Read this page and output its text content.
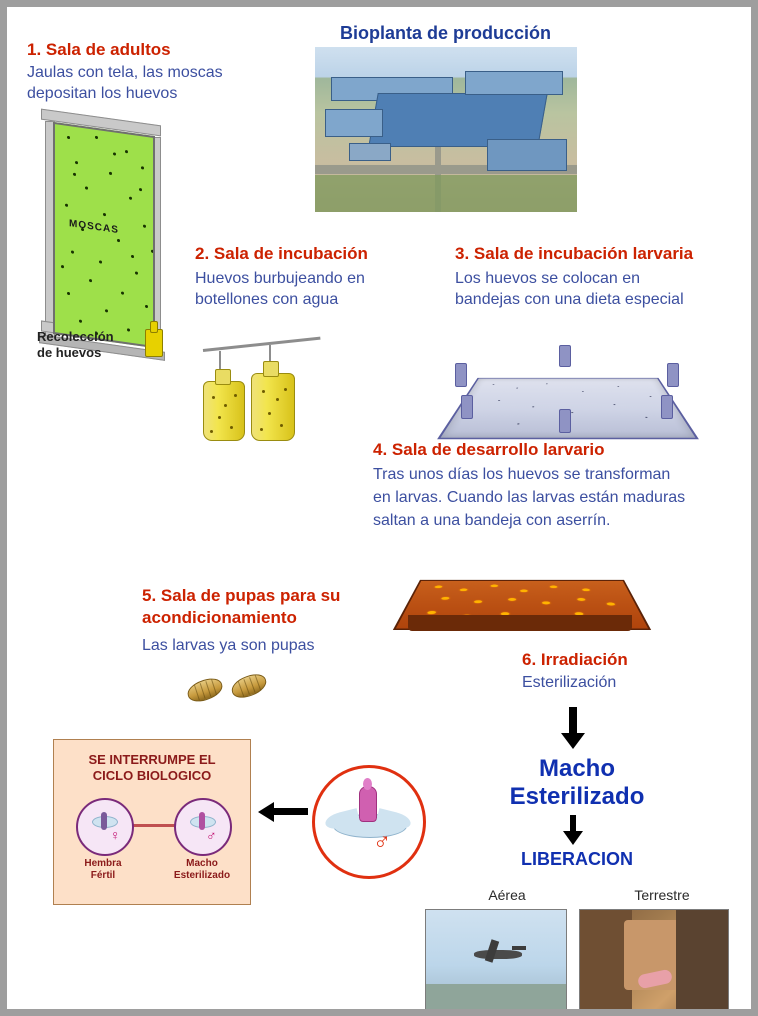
Bioplanta de producción
1. Sala de adultos
Jaulas con tela, las moscas
depositan los huevos
MOSCAS
Recolección
de huevos
2. Sala de incubación
Huevos burbujeando en
botellones con agua
3. Sala de incubación larvaria
Los huevos se colocan en
bandejas con una dieta especial
4. Sala de desarrollo larvario
Tras unos días los huevos se transforman
en larvas. Cuando las larvas están maduras
saltan a una bandeja con aserrín.
5. Sala de pupas para su
acondicionamiento
Las larvas ya son pupas
6. Irradiación
Esterilización
Macho
Esterilizado
LIBERACION
Aérea	Terrestre
♂
SE INTERRUMPE EL
CICLO BIOLOGICO
♀	♂
Hembra
Fértil
Macho
Esterilizado
